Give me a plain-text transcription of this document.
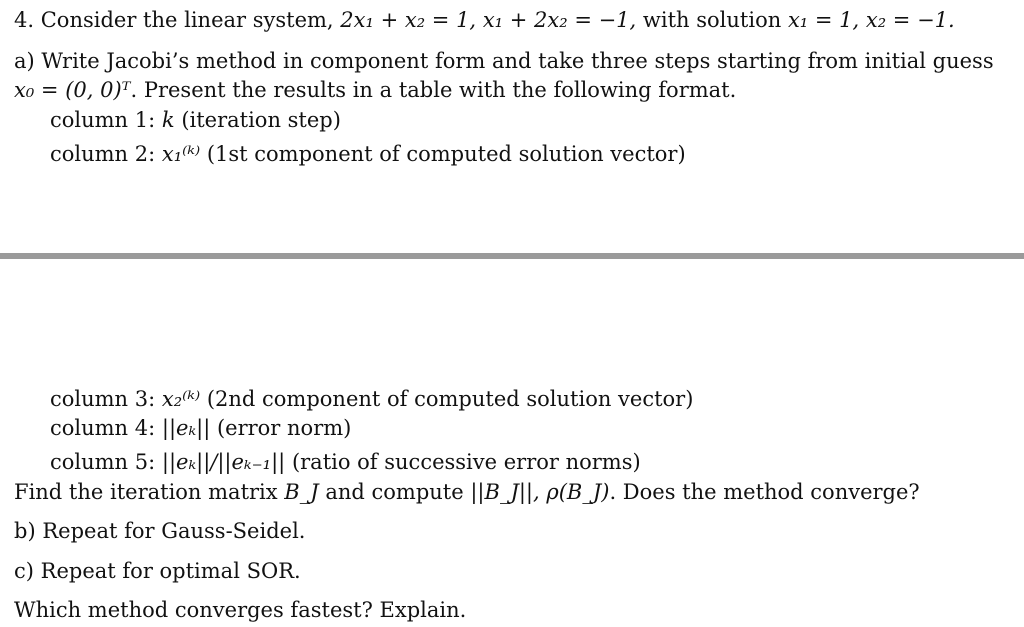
4. Consider the linear system, 2x₁ + x₂ = 1, x₁ + 2x₂ = −1, with solution x₁ = 1, x₂ = −1.
a) Write Jacobi’s method in component form and take three steps starting from initial guess
x₀ = (0, 0)ᵀ. Present the results in a table with the following format.
column 1: k (iteration step)
column 2: x₁⁽ᵏ⁾ (1st component of computed solution vector)
column 3: x₂⁽ᵏ⁾ (2nd component of computed solution vector)
column 4: ||eₖ|| (error norm)
column 5: ||eₖ||/||eₖ₋₁|| (ratio of successive error norms)
Find the iteration matrix B_J and compute ||B_J||, ρ(B_J). Does the method converge?
b) Repeat for Gauss-Seidel.
c) Repeat for optimal SOR.
Which method converges fastest? Explain.
